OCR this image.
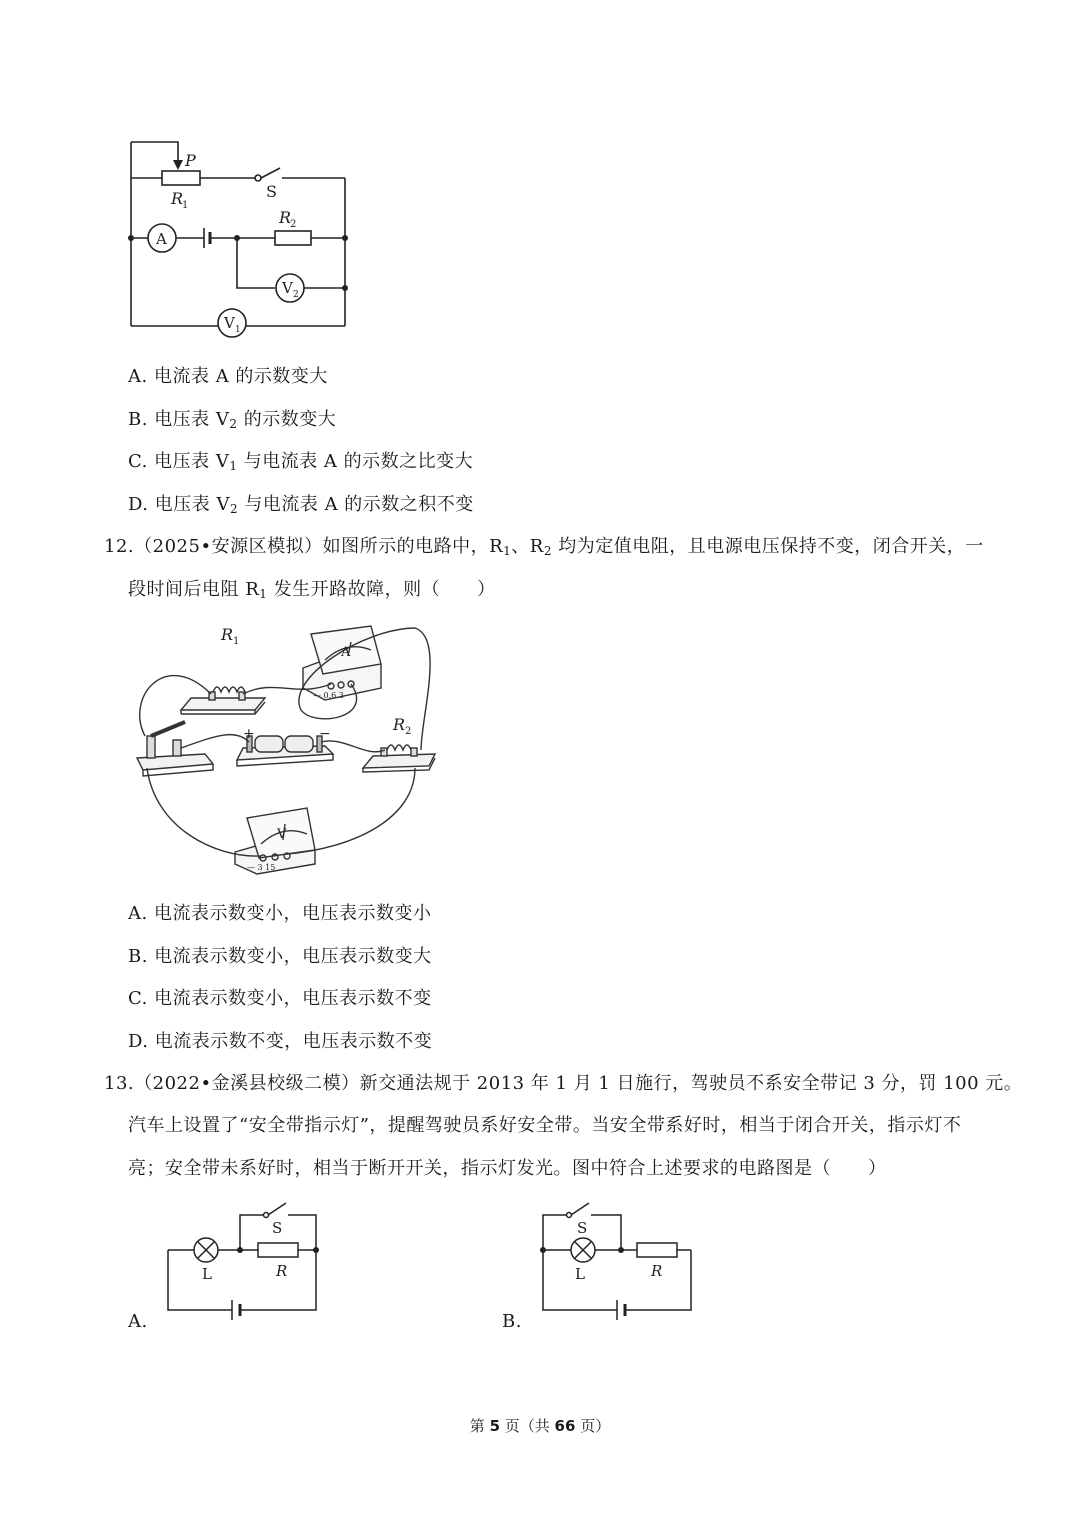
P
R
1
S
A
R
2
V 2
V 1
A. 电流表 A 的示数变大
B. 电压表 $V_2$ 的示数变大
C. 电压表 $V_1$ 与电流表 A 的示数之比变大
D. 电压表 $V_2$ 与电流表 A 的示数之积不变
12.（2025•安源区模拟）如图所示的电路中，$R_1$、$R_2$ 均为定值电阻，且电源电压保持不变，闭合开关，一
段时间后电阻 $R_1$ 发生开路故障，则（　　）
R 1
R 2
A
V
— 0.6 3
— 3 15
+	−
A. 电流表示数变小，电压表示数变小
B. 电流表示数变小，电压表示数变大
C. 电流表示数变小，电压表示数不变
D. 电流表示数不变，电压表示数不变
13.（2022•金溪县校级二模）新交通法规于 2013 年 1 月 1 日施行，驾驶员不系安全带记 3 分，罚 100 元。
汽车上设置了“安全带指示灯”，提醒驾驶员系好安全带。当安全带系好时，相当于闭合开关，指示灯不
亮；安全带未系好时，相当于断开开关，指示灯发光。图中符合上述要求的电路图是（　　）
S
L	R
A.
S
L	R
B.
第 5 页（共 66 页）
